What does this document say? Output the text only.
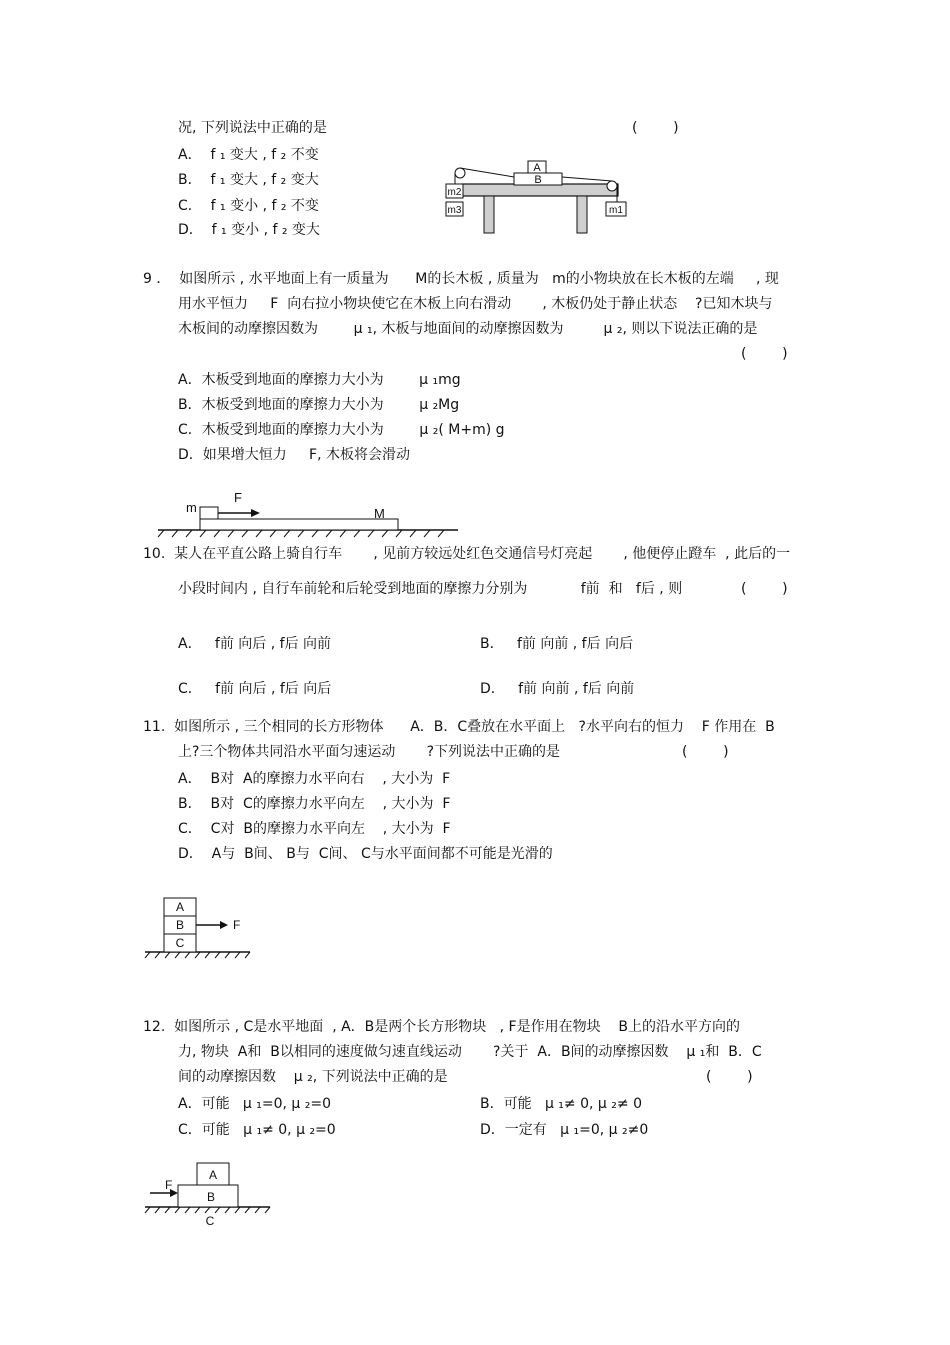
况, 下列说法中正确的是	(        )
A．  f ₁ 变大 , f ₂ 不变
B．  f ₁ 变大 , f ₂ 变大
C．  f ₁ 变小 , f ₂ 不变
D．  f ₁ 变小 , f ₂ 变大
A
B
m2
m3	m1
9 ．  如图所示 , 水平地面上有一质量为      M的长木板 , 质量为   m的小物块放在长木板的左端     , 现
用水平恒力     F  向右拉小物块使它在木板上向右滑动       , 木板仍处于静止状态    ?已知木块与
木板间的动摩擦因数为        μ ₁, 木板与地面间的动摩擦因数为         μ ₂, 则以下说法正确的是
(        )
A．木板受到地面的摩擦力大小为        μ ₁mg
B．木板受到地面的摩擦力大小为        μ ₂Mg
C．木板受到地面的摩擦力大小为        μ ₂( M+m) g
D．如果增大恒力     F, 木板将会滑动
m
F
M
10.  某人在平直公路上骑自行车       , 见前方较远处红色交通信号灯亮起       , 他便停止蹬车  , 此后的一
小段时间内 , 自行车前轮和后轮受到地面的摩擦力分别为            f前  和   f后 , 则	(        )
A．   f前 向后 , f后 向前	B．   f前 向前 , f后 向后
C．   f前 向后 , f后 向后	D．   f前 向前 , f后 向前
11.  如图所示 , 三个相同的长方形物体      A．B．C叠放在水平面上   ?水平向右的恒力    F 作用在  B
上?三个物体共同沿水平面匀速运动       ?下列说法中正确的是	(        )
A．  B对  A的摩擦力水平向右    , 大小为  F
B．  B对  C的摩擦力水平向左    , 大小为  F
C．  C对  B的摩擦力水平向左    , 大小为  F
D．  A与  B间、 B与  C间、 C与水平面间都不可能是光滑的
A
B
C
F
12.  如图所示 , C是水平地面  , A．B是两个长方形物块   , F是作用在物块    B上的沿水平方向的
力, 物块  A和  B以相同的速度做匀速直线运动       ?关于  A．B间的动摩擦因数    μ ₁和  B．C
间的动摩擦因数    μ ₂, 下列说法中正确的是	(        )
A．可能   μ ₁=0, μ ₂=0	B．可能   μ ₁≠ 0, μ ₂≠ 0
C．可能   μ ₁≠ 0, μ ₂=0	D．一定有   μ ₁=0, μ ₂≠0
A
B
F
C
